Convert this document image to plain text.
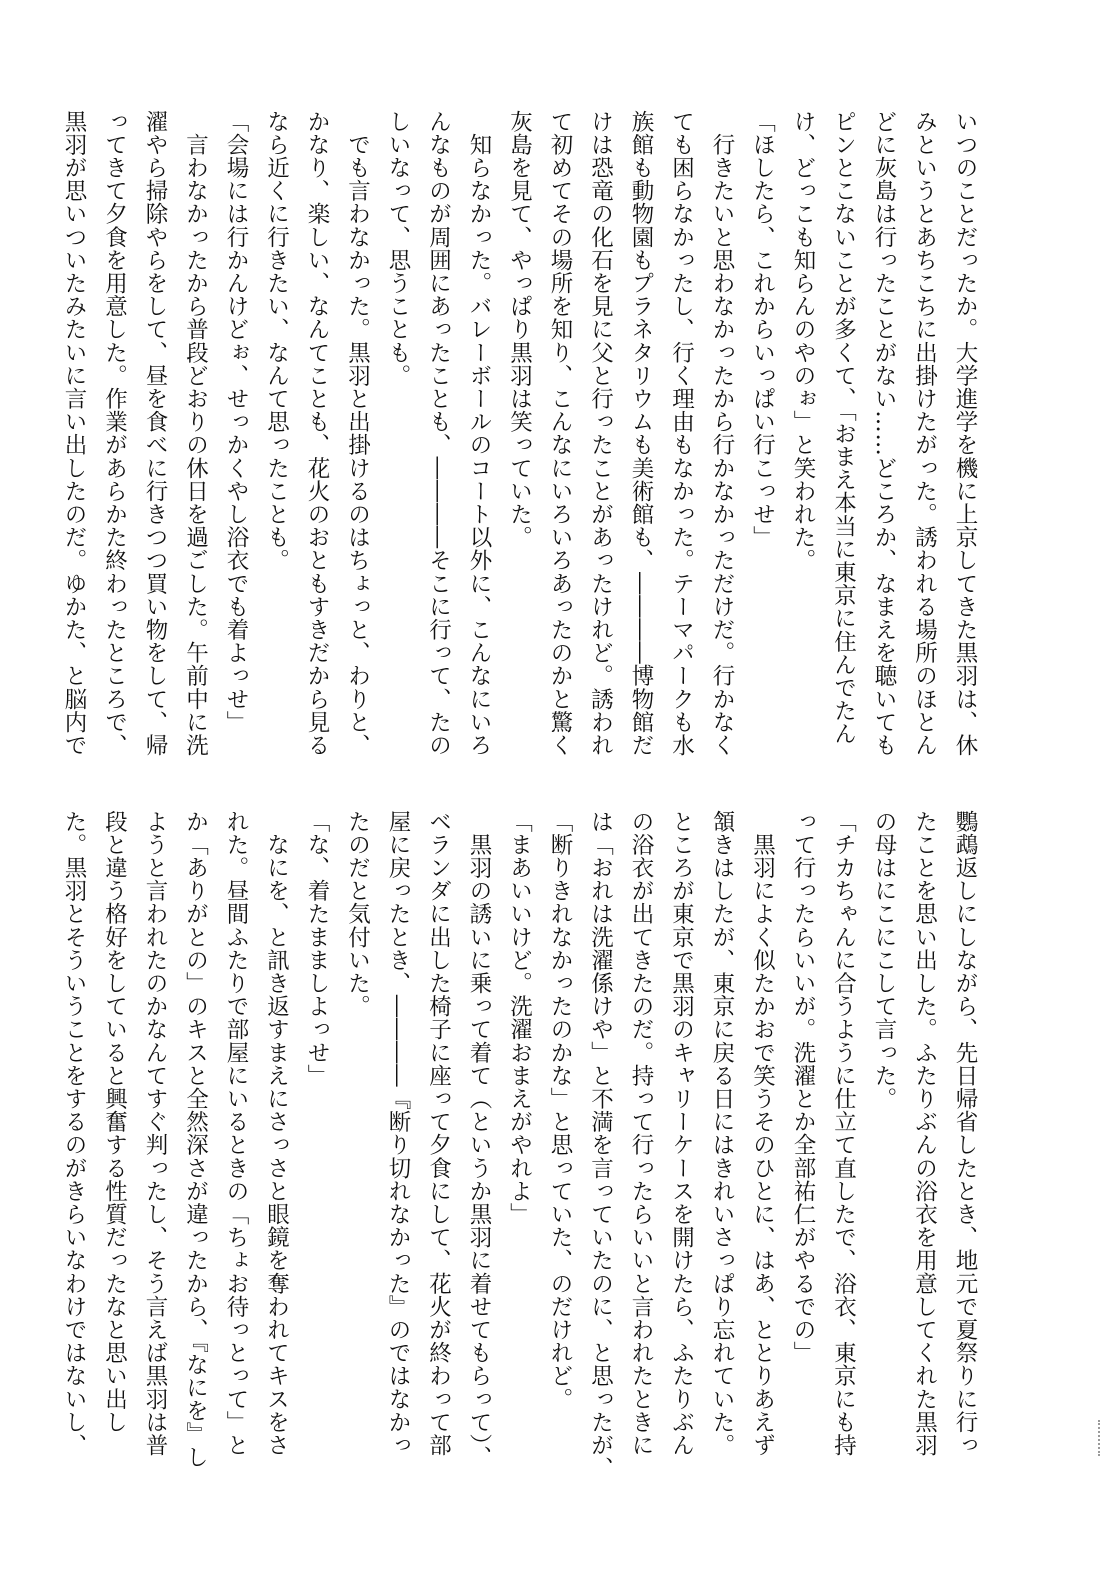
いつのことだったか。大学進学を機に上京してきた黒羽は、休
みというとあちこちに出掛けたがった。誘われる場所のほとん
どに灰島は行ったことがない……どころか、なまえを聴いても
ピンとこないことが多くて、「おまえ本当に東京に住んでたん
け、どっこも知らんのやのぉ」と笑われた。
「ほしたら、これからいっぱい行こっせ」
　行きたいと思わなかったから行かなかっただけだ。行かなく
ても困らなかったし、行く理由もなかった。テーマパークも水
族館も動物園もプラネタリウムも美術館も、――――博物館だ
けは恐竜の化石を見に父と行ったことがあったけれど。誘われ
て初めてその場所を知り、こんなにいろいろあったのかと驚く
灰島を見て、やっぱり黒羽は笑っていた。
　知らなかった。バレーボールのコート以外に、こんなにいろ
んなものが周囲にあったことも、――――そこに行って、たの
しいなって、思うことも。
　でも言わなかった。黒羽と出掛けるのはちょっと、わりと、
かなり、楽しい、なんてことも、花火のおともすきだから見る
なら近くに行きたい、なんて思ったことも。
「会場には行かんけどぉ、せっかくやし浴衣でも着よっせ」
　言わなかったから普段どおりの休日を過ごした。午前中に洗
濯やら掃除やらをして、昼を食べに行きつつ買い物をして、帰
ってきて夕食を用意した。作業があらかた終わったところで、
黒羽が思いついたみたいに言い出したのだ。ゆかた、と脳内で
鸚鵡返しにしながら、先日帰省したとき、地元で夏祭りに行っ
たことを思い出した。ふたりぶんの浴衣を用意してくれた黒羽
の母はにこにこして言った。
「チカちゃんに合うように仕立て直したで、浴衣、東京にも持
って行ったらいいが。洗濯とか全部祐仁がやるでの」
　黒羽によく似たかおで笑うそのひとに、はあ、ととりあえず
頷きはしたが、東京に戻る日にはきれいさっぱり忘れていた。
ところが東京で黒羽のキャリーケースを開けたら、ふたりぶん
の浴衣が出てきたのだ。持って行ったらいいと言われたときに
は「おれは洗濯係けや」と不満を言っていたのに、と思ったが、
「断りきれなかったのかな」と思っていた、のだけれど。
「まあいいけど。洗濯おまえがやれよ」
　黒羽の誘いに乗って着て（というか黒羽に着せてもらって）、
ベランダに出した椅子に座って夕食にして、花火が終わって部
屋に戻ったとき、――――『断り切れなかった』のではなかっ
たのだと気付いた。
「な、着たまましよっせ」
　なにを、と訊き返すまえにさっさと眼鏡を奪われてキスをさ
れた。昼間ふたりで部屋にいるときの「ちょお待っとって」と
か「ありがとの」のキスと全然深さが違ったから、『なにを』し
ようと言われたのかなんてすぐ判ったし、そう言えば黒羽は普
段と違う格好をしていると興奮する性質だったなと思い出し
た。黒羽とそういうことをするのがきらいなわけではないし、
